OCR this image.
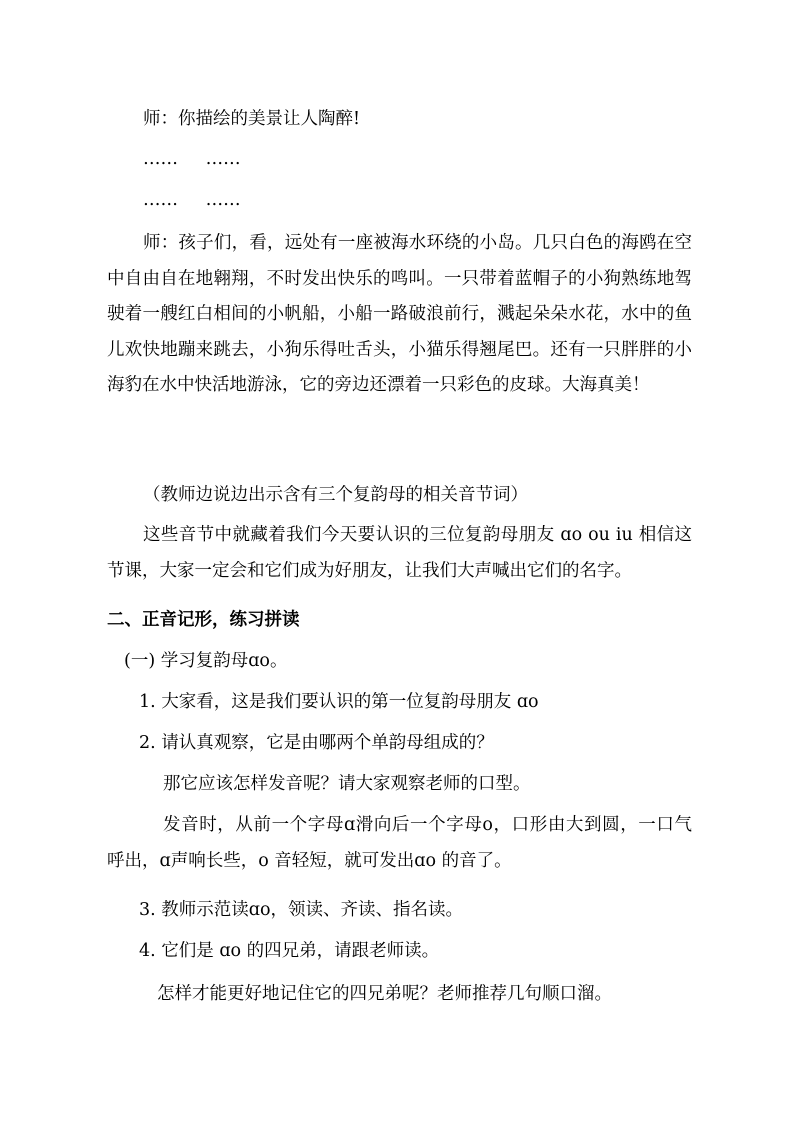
师：你描绘的美景让人陶醉!
…… ……
…… ……
师：孩子们，看，远处有一座被海水环绕的小岛。几只白色的海鸥在空中自由自在地翱翔，不时发出快乐的鸣叫。一只带着蓝帽子的小狗熟练地驾驶着一艘红白相间的小帆船，小船一路破浪前行，溅起朵朵水花，水中的鱼儿欢快地蹦来跳去，小狗乐得吐舌头，小猫乐得翘尾巴。还有一只胖胖的小海豹在水中快活地游泳，它的旁边还漂着一只彩色的皮球。大海真美！
（教师边说边出示含有三个复韵母的相关音节词）
这些音节中就藏着我们今天要认识的三位复韵母朋友 ɑo ou iu 相信这节课，大家一定会和它们成为好朋友，让我们大声喊出它们的名字。
二、正音记形，练习拼读
(一) 学习复韵母ɑo。
1. 大家看，这是我们要认识的第一位复韵母朋友 ɑo
2. 请认真观察，它是由哪两个单韵母组成的？
那它应该怎样发音呢？请大家观察老师的口型。
发音时，从前一个字母ɑ滑向后一个字母o，口形由大到圆，一口气呼出，ɑ声响长些，o 音轻短，就可发出ɑo 的音了。
3. 教师示范读ɑo，领读、齐读、指名读。
4. 它们是 ɑo 的四兄弟，请跟老师读。
怎样才能更好地记住它的四兄弟呢？老师推荐几句顺口溜。
